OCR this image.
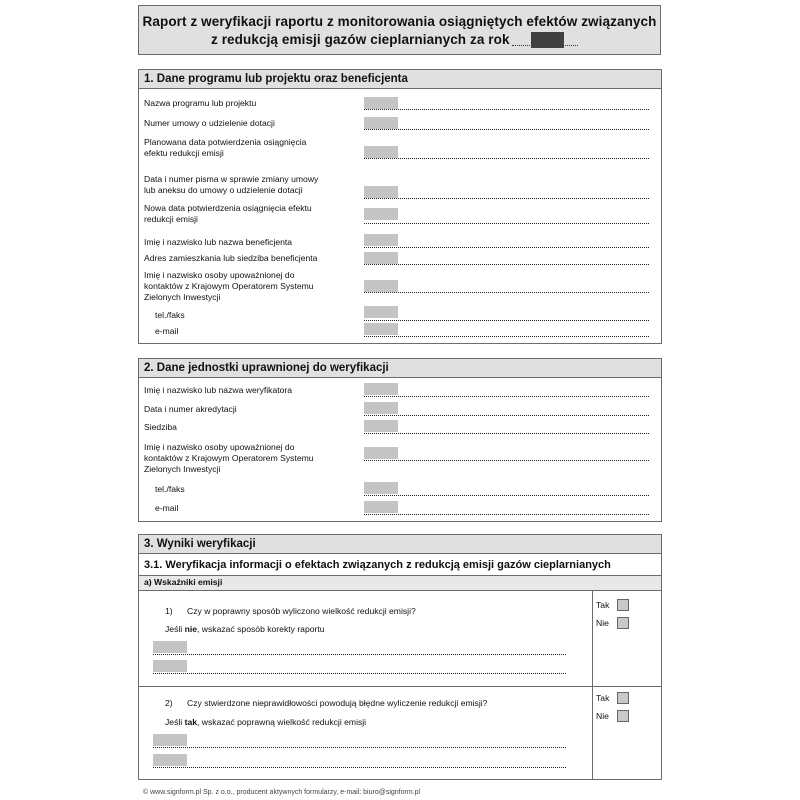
Raport z weryfikacji raportu z monitorowania osiągniętych efektów związanych
z redukcją emisji gazów cieplarnianych za rok
1. Dane programu lub projektu oraz beneficjenta
Nazwa programu lub projektu
Numer umowy o udzielenie dotacji
Planowana data potwierdzenia osiągnięcia
efektu redukcji emisji
Data i numer pisma w sprawie zmiany umowy
lub aneksu do umowy o udzielenie dotacji
Nowa data potwierdzenia osiągnięcia efektu
redukcji emisji
Imię i nazwisko lub nazwa beneficjenta
Adres zamieszkania lub siedziba beneficjenta
Imię i nazwisko osoby upoważnionej do
kontaktów z Krajowym Operatorem Systemu
Zielonych Inwestycji
tel./faks
e-mail
2. Dane jednostki uprawnionej do weryfikacji
Imię i nazwisko lub nazwa weryfikatora
Data i numer akredytacji
Siedziba
Imię i nazwisko osoby upoważnionej do
kontaktów z Krajowym Operatorem Systemu
Zielonych Inwestycji
tel./faks
e-mail
3. Wyniki weryfikacji
3.1. Weryfikacja informacji o efektach związanych z redukcją emisji gazów cieplarnianych
a) Wskaźniki emisji
1) Czy w poprawny sposób wyliczono wielkość redukcji emisji?
Jeśli nie, wskazać sposób korekty raportu
Tak
Nie
2) Czy stwierdzone nieprawidłowości powodują błędne wyliczenie redukcji emisji?
Jeśli tak, wskazać poprawną wielkość redukcji emisji
Tak
Nie
© www.signform.pl Sp. z o.o., producent aktywnych formularzy, e-mail: biuro@signform.pl
